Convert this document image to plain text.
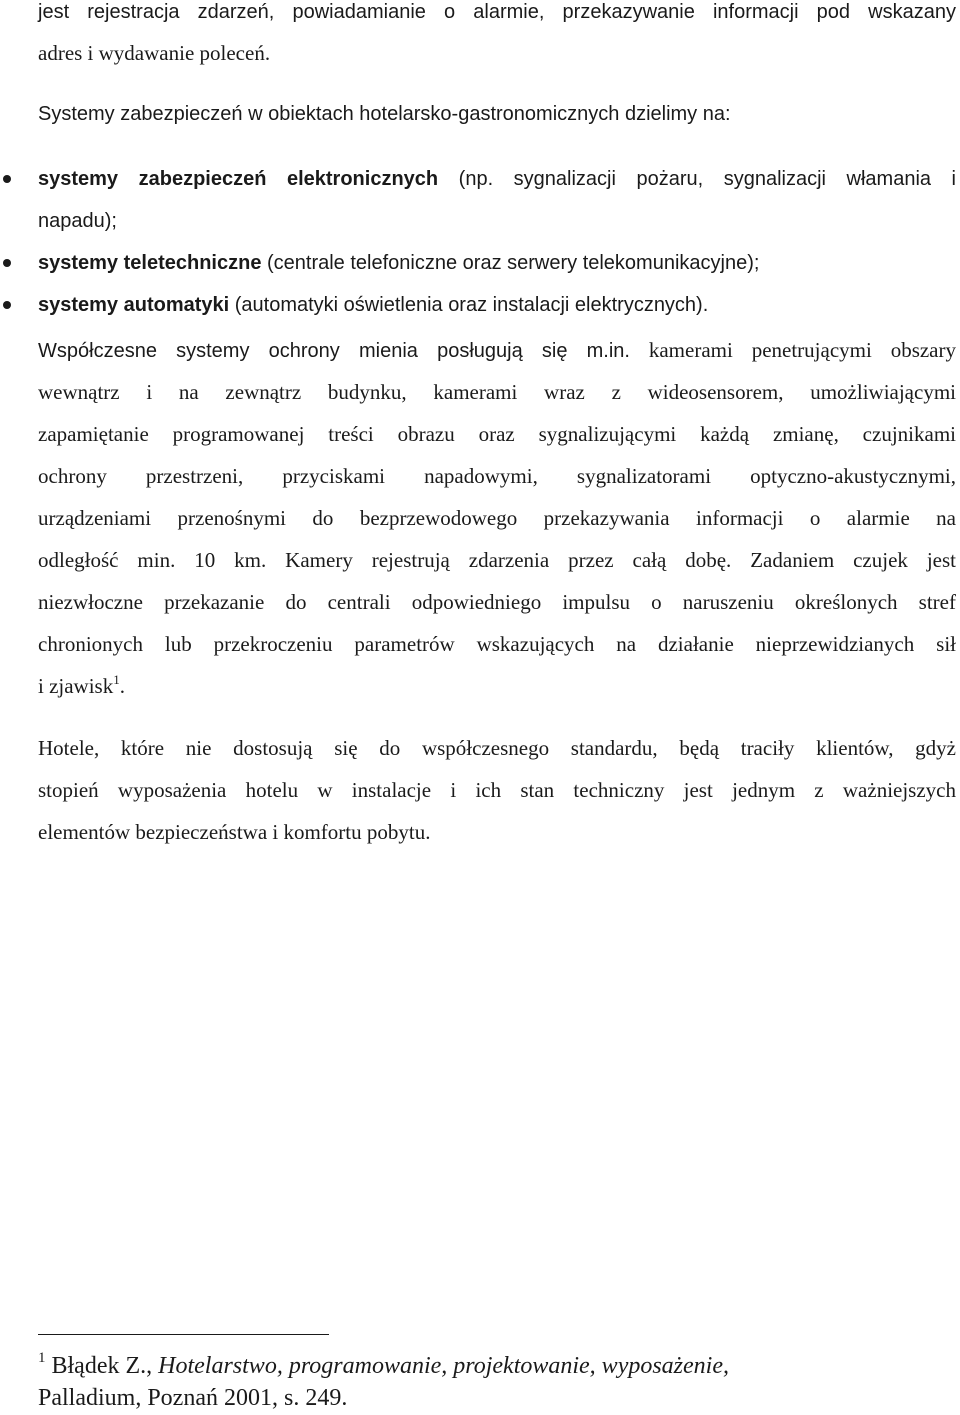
jest rejestracja zdarzeń, powiadamianie o alarmie, przekazywanie informacji pod wskazany
adres i wydawanie poleceń.
Systemy zabezpieczeń w obiektach hotelarsko-gastronomicznych dzielimy na:
systemy zabezpieczeń elektronicznych (np. sygnalizacji pożaru, sygnalizacji włamania i
napadu);
systemy teletechniczne (centrale telefoniczne oraz serwery telekomunikacyjne);
systemy automatyki (automatyki oświetlenia oraz instalacji elektrycznych).
Współczesne systemy ochrony mienia posługują się m.in. kamerami penetrującymi obszary
wewnątrz i na zewnątrz budynku, kamerami wraz z wideosensorem, umożliwiającymi
zapamiętanie programowanej treści obrazu oraz sygnalizującymi każdą zmianę, czujnikami
ochrony przestrzeni, przyciskami napadowymi, sygnalizatorami optyczno-akustycznymi,
urządzeniami przenośnymi do bezprzewodowego przekazywania informacji o alarmie na
odległość min. 10 km. Kamery rejestrują zdarzenia przez całą dobę. Zadaniem czujek jest
niezwłoczne przekazanie do centrali odpowiedniego impulsu o naruszeniu określonych stref
chronionych lub przekroczeniu parametrów wskazujących na działanie nieprzewidzianych sił
i zjawisk$^1$.
Hotele, które nie dostosują się do współczesnego standardu, będą traciły klientów, gdyż
stopień wyposażenia hotelu w instalacje i ich stan techniczny jest jednym z ważniejszych
elementów bezpieczeństwa i komfortu pobytu.
$^1$ Błądek Z., Hotelarstwo, programowanie, projektowanie, wyposażenie,
Palladium, Poznań 2001, s. 249.
